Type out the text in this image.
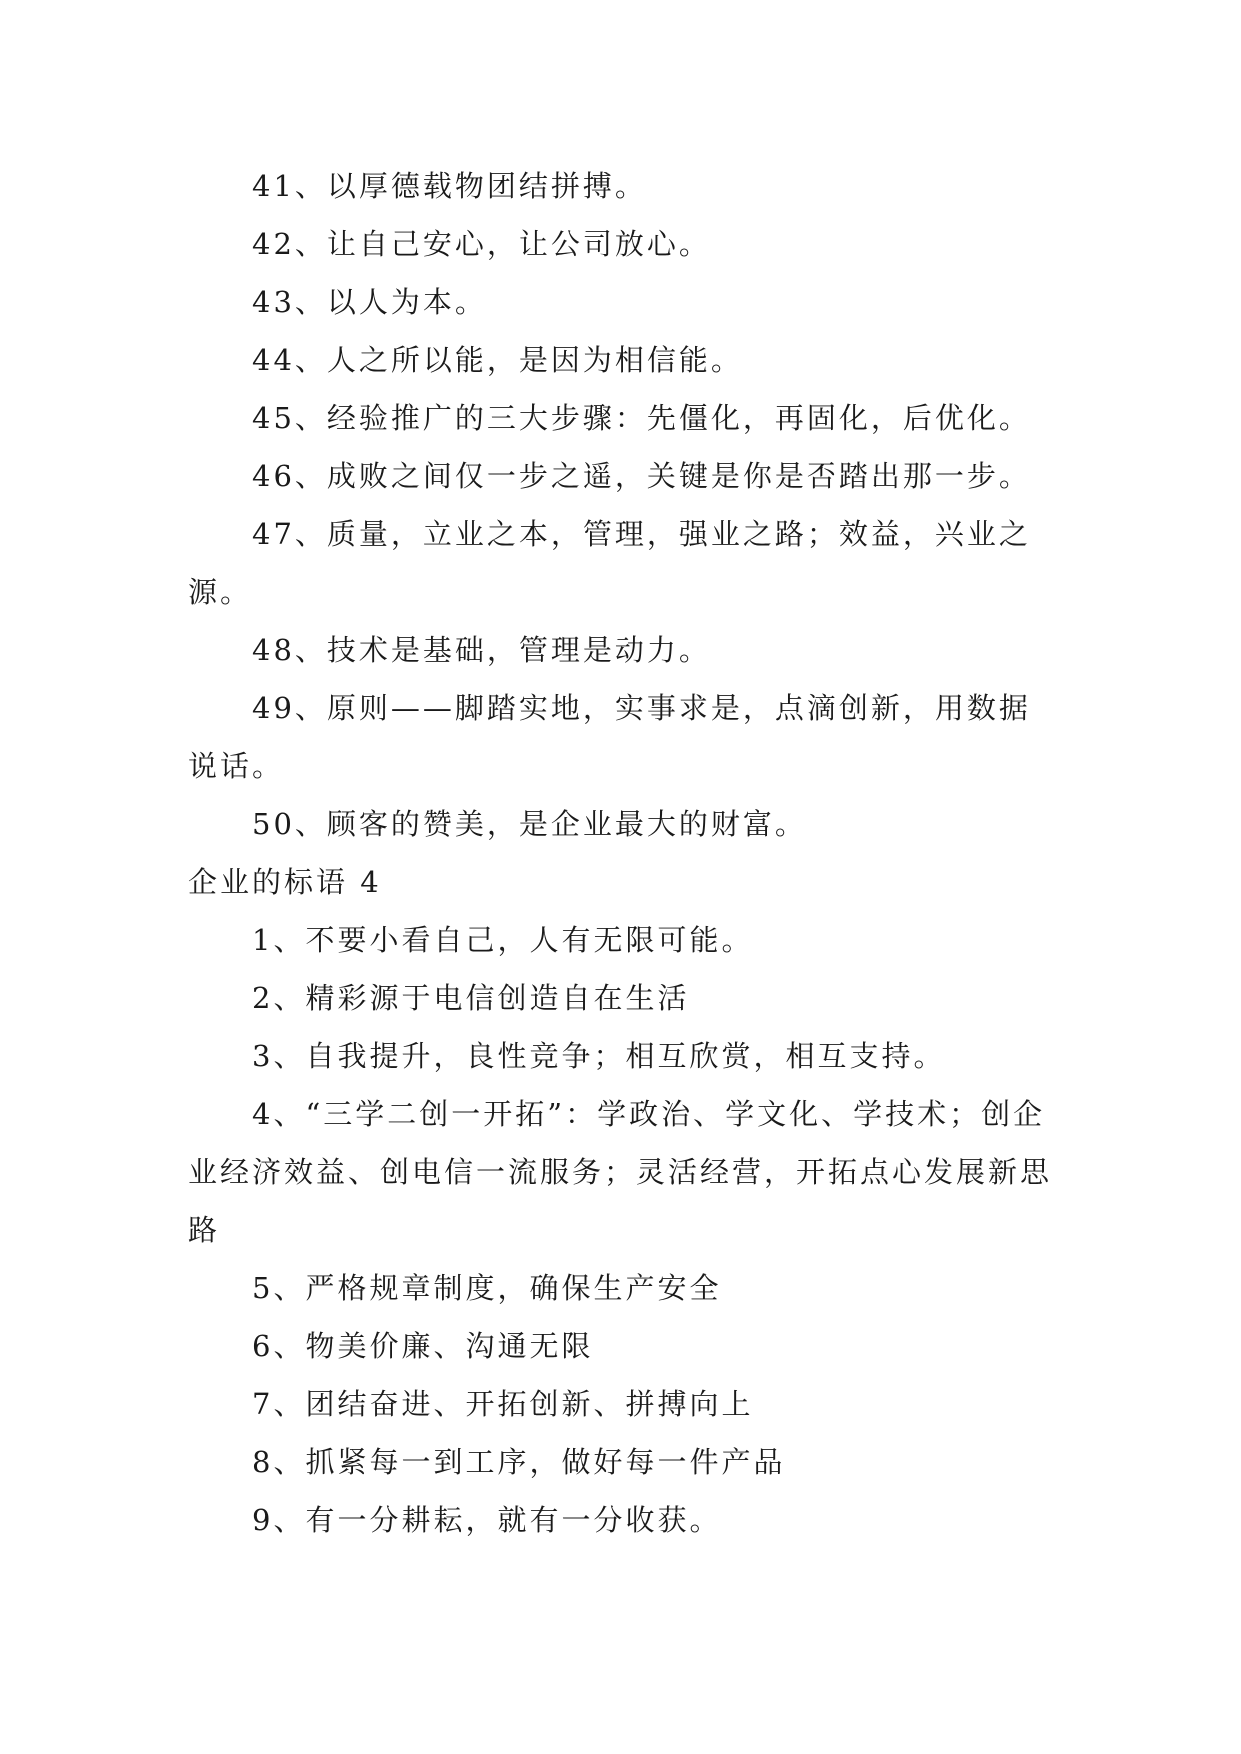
41、以厚德载物团结拼搏。

42、让自己安心，让公司放心。

43、以人为本。

44、人之所以能，是因为相信能。

45、经验推广的三大步骤：先僵化，再固化，后优化。

46、成败之间仅一步之遥，关键是你是否踏出那一步。

47、质量，立业之本，管理，强业之路；效益，兴业之源。

48、技术是基础，管理是动力。

49、原则——脚踏实地，实事求是，点滴创新，用数据说话。

50、顾客的赞美，是企业最大的财富。

企业的标语 4

1、不要小看自己，人有无限可能。

2、精彩源于电信创造自在生活

3、自我提升，良性竞争；相互欣赏，相互支持。

4、“三学二创一开拓”：学政治、学文化、学技术；创企业经济效益、创电信一流服务；灵活经营，开拓点心发展新思路

5、严格规章制度，确保生产安全

6、物美价廉、沟通无限

7、团结奋进、开拓创新、拼搏向上

8、抓紧每一到工序，做好每一件产品

9、有一分耕耘，就有一分收获。
